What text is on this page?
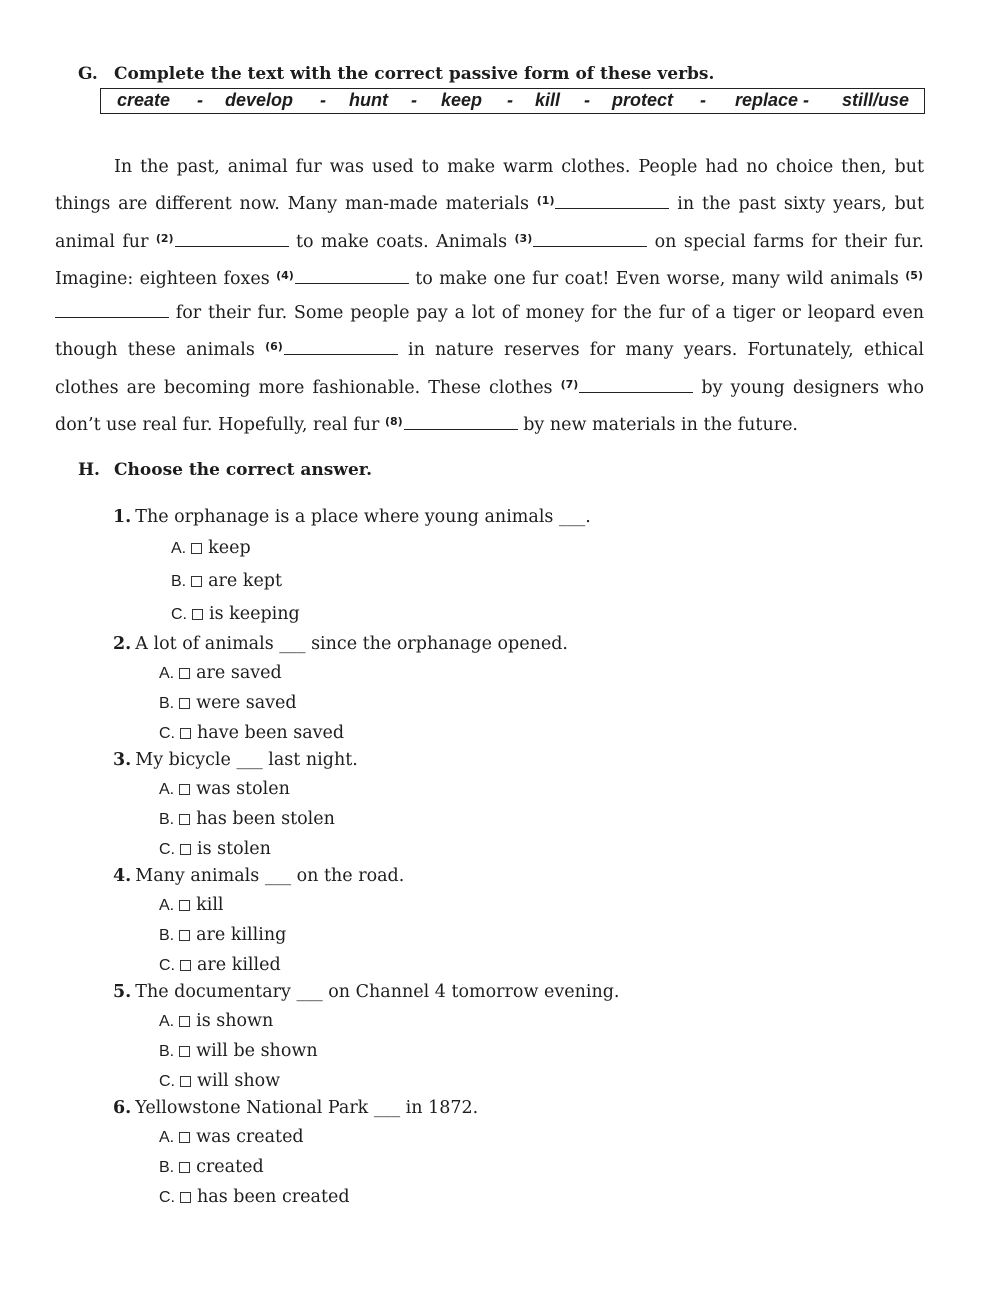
G. Complete the text with the correct passive form of these verbs.
create - develop - hunt - keep - kill - protect - replace - still/use
In the past, animal fur was used to make warm clothes. People had no choice then, but things are different now. Many man-made materials $^{(1)}$	in the past sixty years, but animal fur $^{(2)}$	to make coats. Animals $^{(3)}$	on special farms for their fur. Imagine: eighteen foxes $^{(4)}$	to make one fur coat! Even worse, many wild animals $^{(5)}$ for their fur. Some people pay a lot of money for the fur of a tiger or leopard even though these animals $^{(6)}$	in nature reserves for many years. Fortunately, ethical clothes are becoming more fashionable. These clothes $^{(7)}$	by young designers who don’t use real fur. Hopefully, real fur $^{(8)}$	by new materials in the future.
H. Choose the correct answer.
1. The orphanage is a place where young animals ___.
A. keep
B. are kept
C. is keeping
2. A lot of animals ___ since the orphanage opened.
A. are saved
B. were saved
C. have been saved
3. My bicycle ___ last night.
A. was stolen
B. has been stolen
C. is stolen
4. Many animals ___ on the road.
A. kill
B. are killing
C. are killed
5. The documentary ___ on Channel 4 tomorrow evening.
A. is shown
B. will be shown
C. will show
6. Yellowstone National Park ___ in 1872.
A. was created
B. created
C. has been created
